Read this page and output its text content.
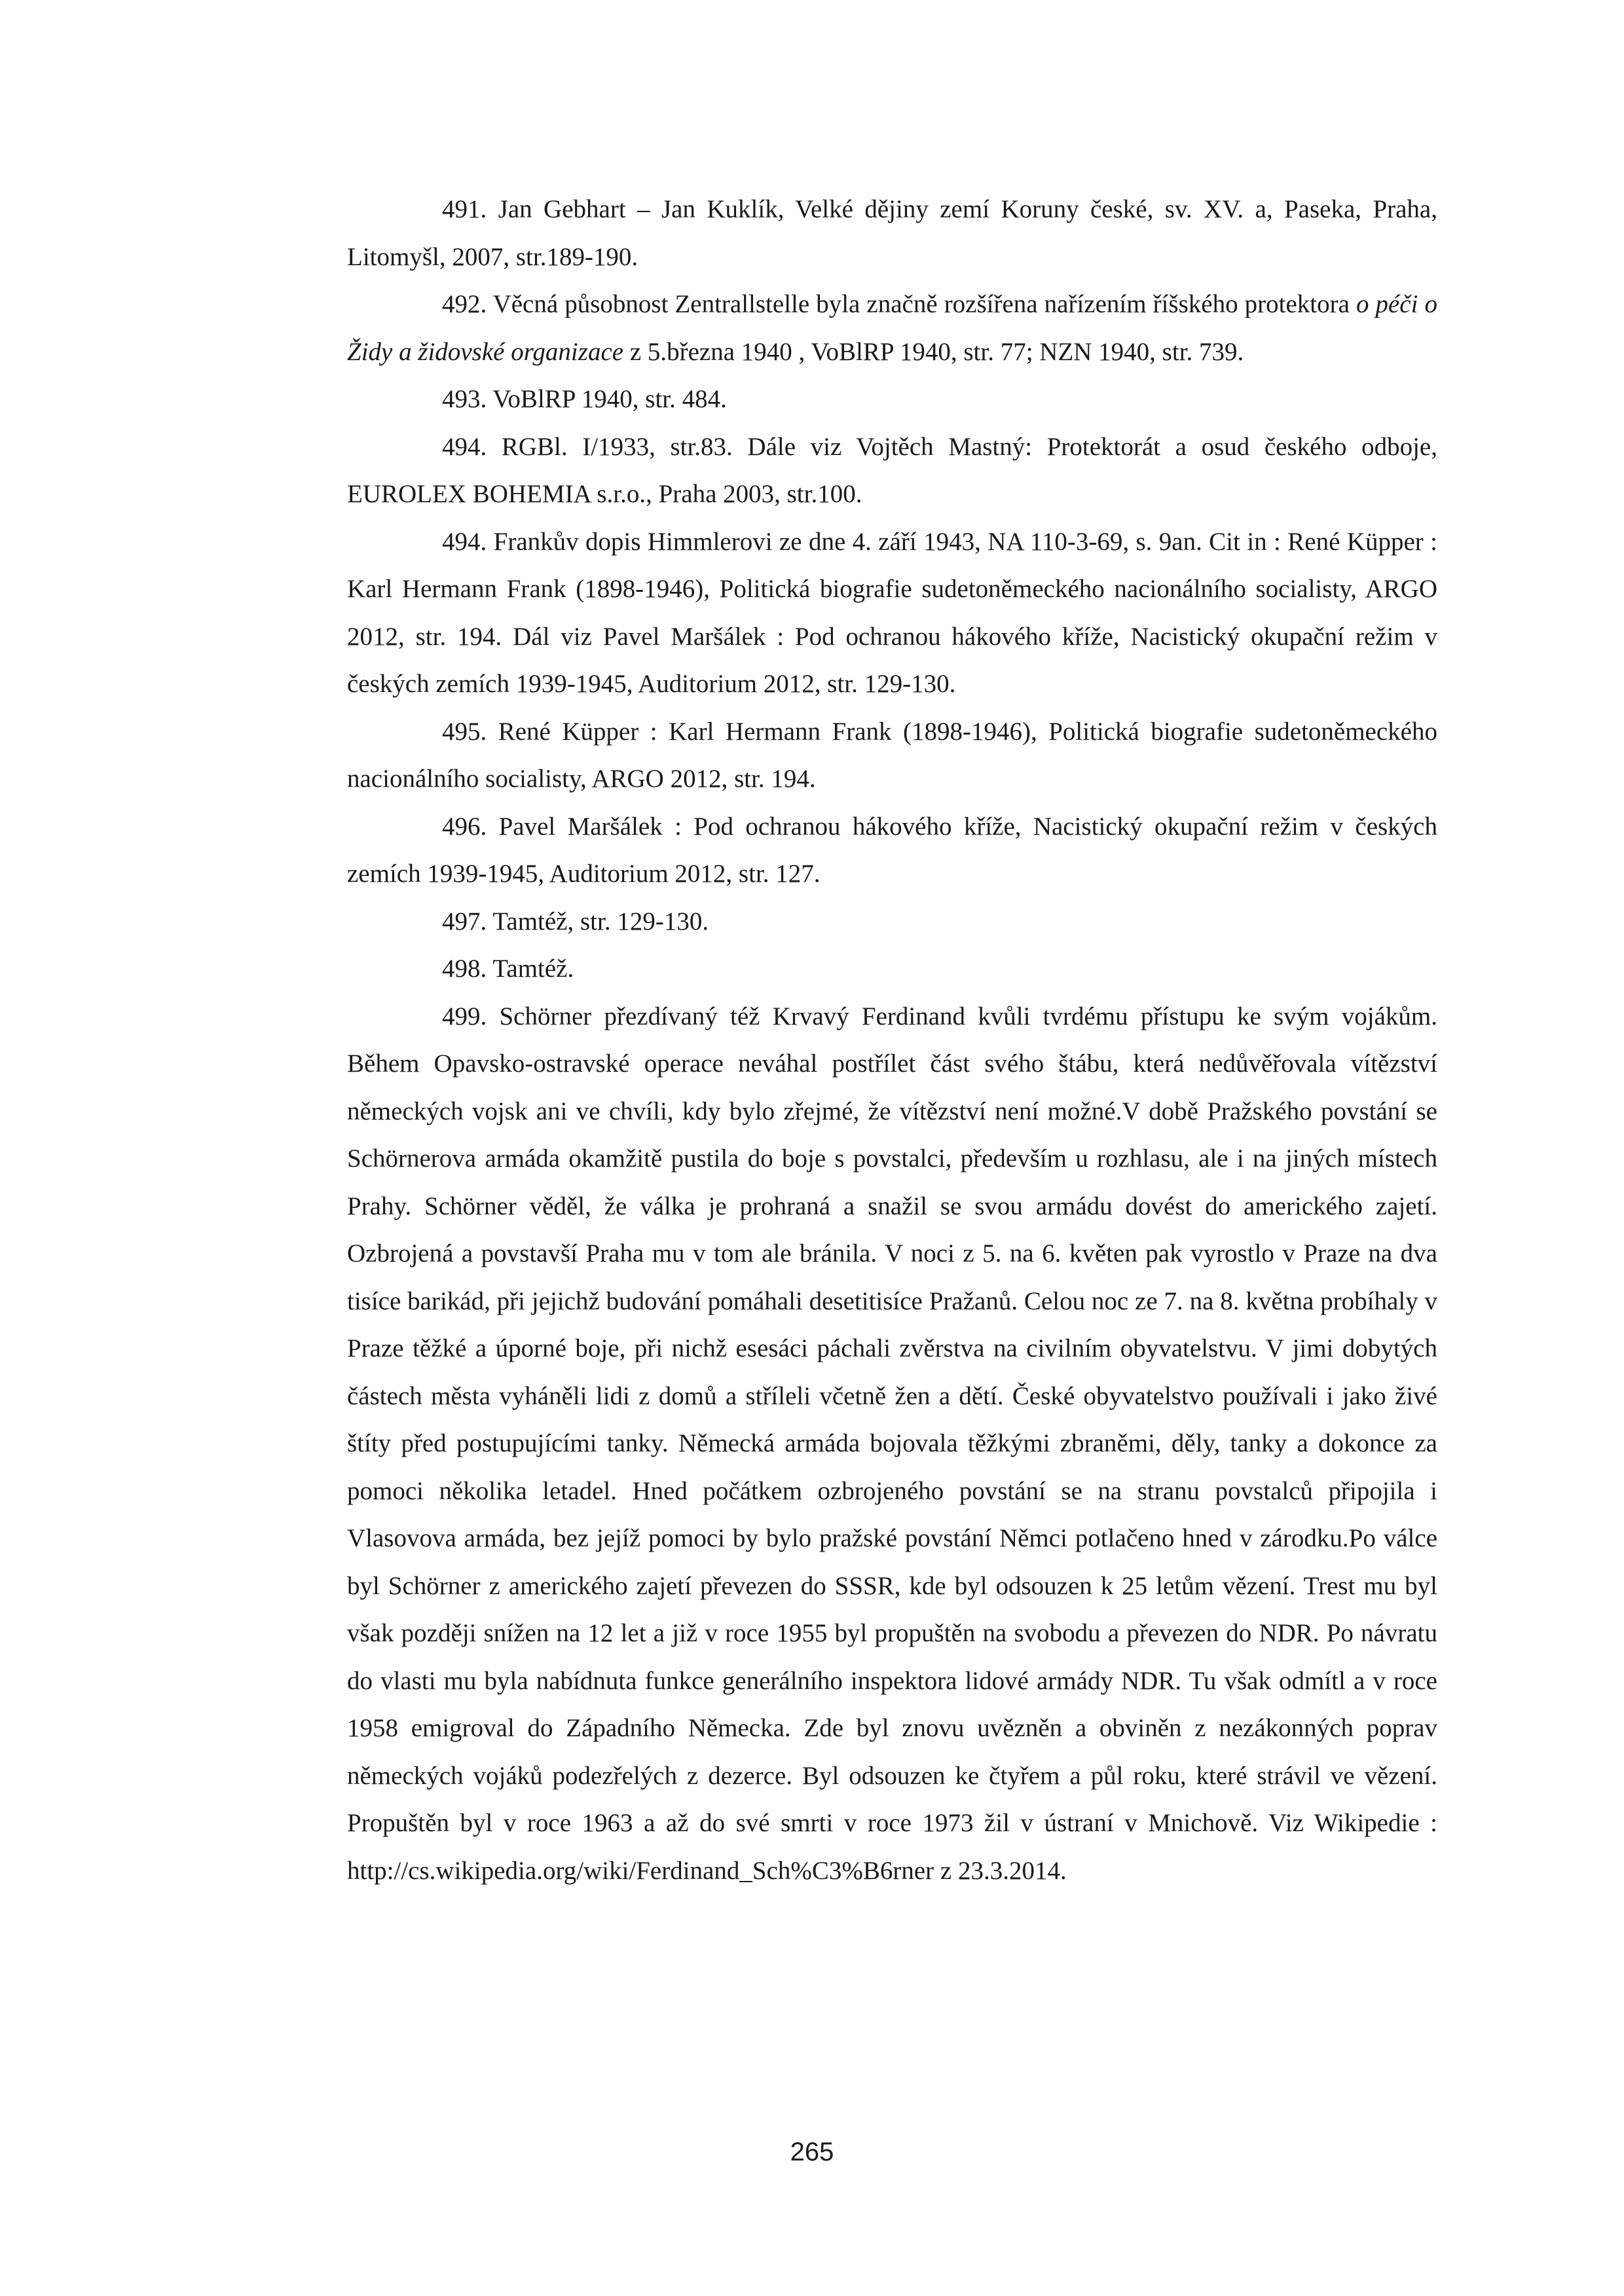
491. Jan Gebhart – Jan Kuklík, Velké dějiny zemí Koruny české, sv. XV. a, Paseka, Praha, Litomyšl, 2007, str.189-190.

492. Věcná působnost Zentrallstelle byla značně rozšířena nařízením říšského protektora o péči o Židy a židovské organizace z 5.března 1940 , VoBlRP 1940, str. 77; NZN 1940, str. 739.

493. VoBlRP 1940, str. 484.

494. RGBl. I/1933, str.83. Dále viz Vojtěch Mastný: Protektorát a osud českého odboje, EUROLEX BOHEMIA s.r.o., Praha 2003, str.100.

494. Frankův dopis Himmlerovi ze dne 4. září 1943, NA 110-3-69, s. 9an. Cit in : René Küpper : Karl Hermann Frank (1898-1946), Politická biografie sudetoněmeckého nacionálního socialisty, ARGO 2012, str. 194. Dál viz Pavel Maršálek : Pod ochranou hákového kříže, Nacistický okupační režim v českých zemích 1939-1945, Auditorium 2012, str. 129-130.

495. René Küpper : Karl Hermann Frank (1898-1946), Politická biografie sudetoněmeckého nacionálního socialisty, ARGO 2012, str. 194.

496. Pavel Maršálek : Pod ochranou hákového kříže, Nacistický okupační režim v českých zemích 1939-1945, Auditorium 2012, str. 127.

497. Tamtéž, str. 129-130.

498. Tamtéž.

499. Schörner přezdívaný též Krvavý Ferdinand kvůli tvrdému přístupu ke svým vojákům. Během Opavsko-ostravské operace neváhal postřílet část svého štábu, která nedůvěřovala vítězství německých vojsk ani ve chvíli, kdy bylo zřejmé, že vítězství není možné.V době Pražského povstání se Schörnerova armáda okamžitě pustila do boje s povstalci, především u rozhlasu, ale i na jiných místech Prahy. Schörner věděl, že válka je prohraná a snažil se svou armádu dovést do amerického zajetí. Ozbrojená a povstavší Praha mu v tom ale bránila. V noci z 5. na 6. květen pak vyrostlo v Praze na dva tisíce barikád, při jejichž budování pomáhali desetitisíce Pražanů. Celou noc ze 7. na 8. května probíhaly v Praze těžké a úporné boje, při nichž esesáci páchali zvěrstva na civilním obyvatelstvu. V jimi dobytých částech města vyháněli lidi z domů a stříleli včetně žen a dětí. České obyvatelstvo používali i jako živé štíty před postupujícími tanky. Německá armáda bojovala těžkými zbraněmi, děly, tanky a dokonce za pomoci několika letadel. Hned počátkem ozbrojeného povstání se na stranu povstalců připojila i Vlasovova armáda, bez jejíž pomoci by bylo pražské povstání Němci potlačeno hned v zárodku.Po válce byl Schörner z amerického zajetí převezen do SSSR, kde byl odsouzen k 25 letům vězení. Trest mu byl však později snížen na 12 let a již v roce 1955 byl propuštěn na svobodu a převezen do NDR. Po návratu do vlasti mu byla nabídnuta funkce generálního inspektora lidové armády NDR. Tu však odmítl a v roce 1958 emigroval do Západního Německa. Zde byl znovu uvězněn a obviněn z nezákonných poprav německých vojáků podezřelých z dezerce. Byl odsouzen ke čtyřem a půl roku, které strávil ve vězení. Propuštěn byl v roce 1963 a až do své smrti v roce 1973 žil v ústraní v Mnichově. Viz Wikipedie : http://cs.wikipedia.org/wiki/Ferdinand_Sch%C3%B6rner z 23.3.2014.

265
